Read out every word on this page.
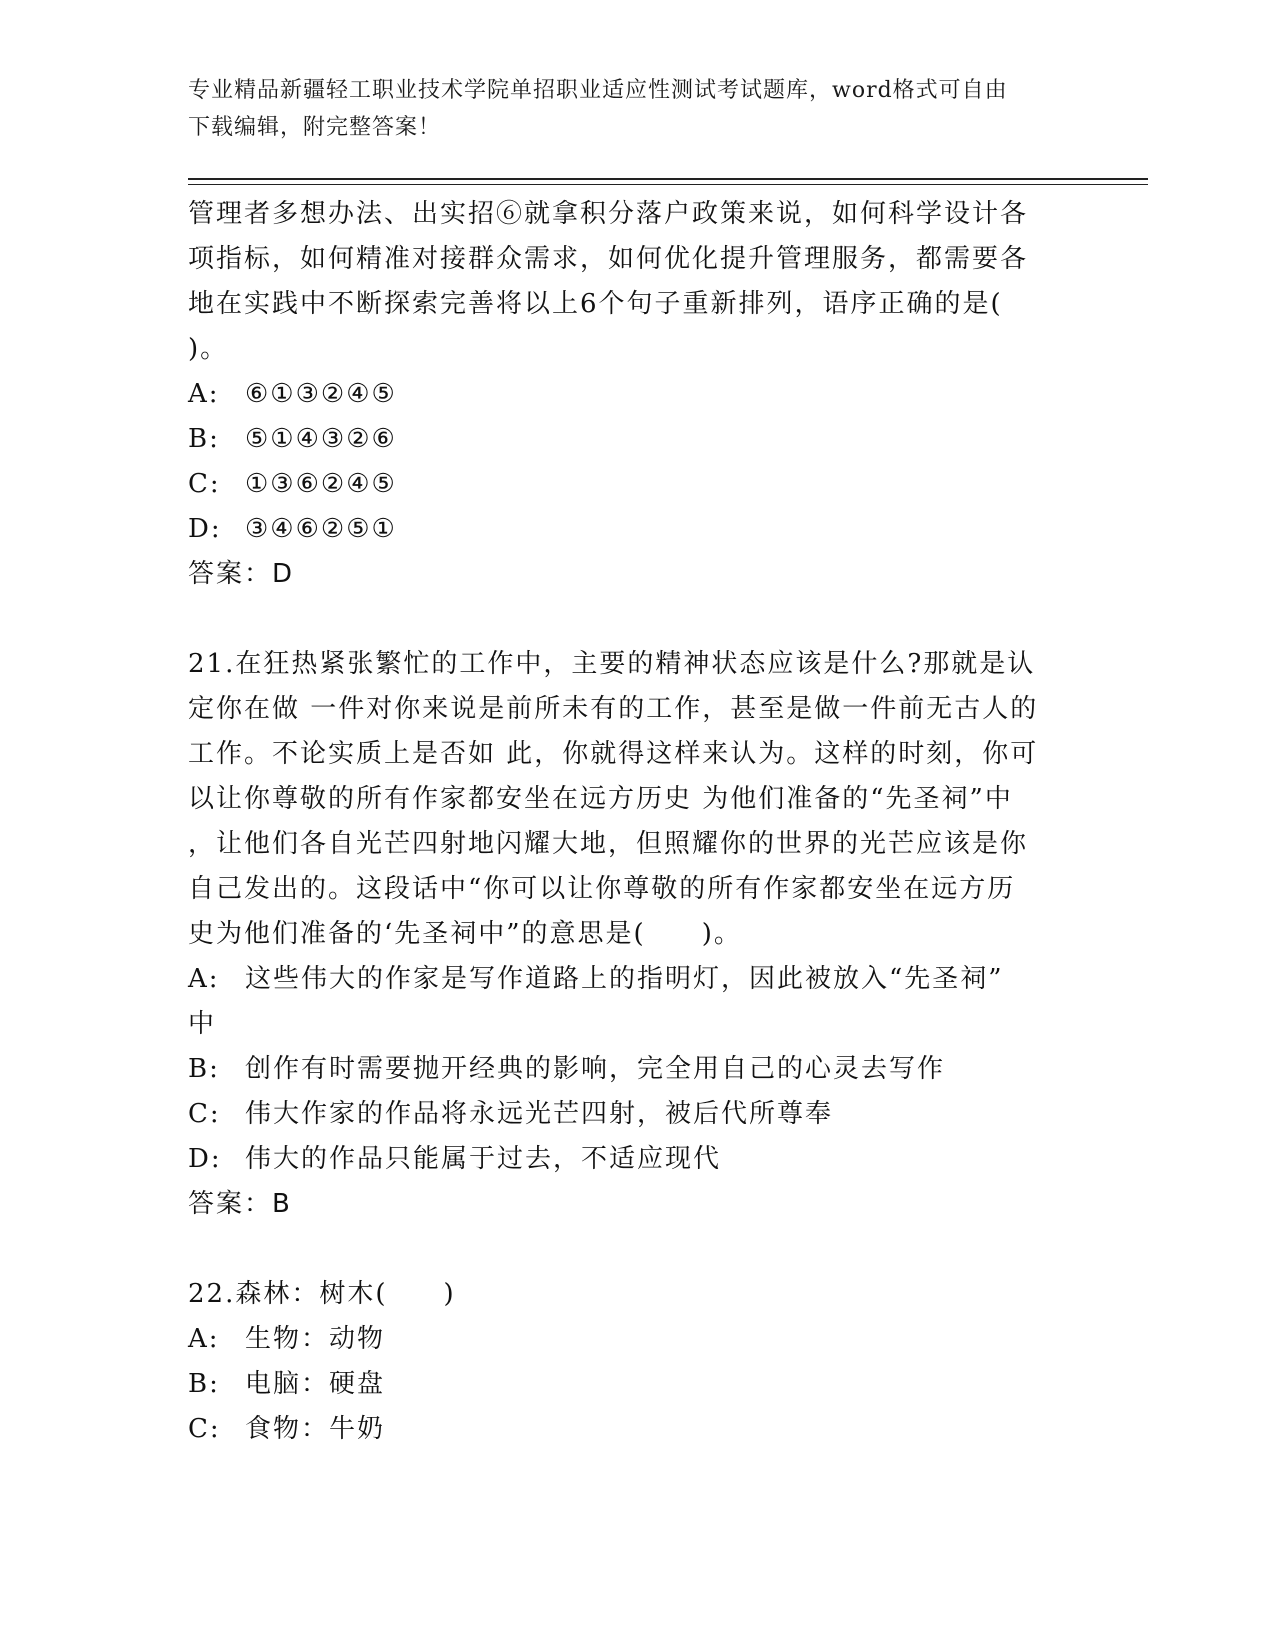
专业精品新疆轻工职业技术学院单招职业适应性测试考试题库，word格式可自由
下载编辑，附完整答案！
管理者多想办法、出实招⑥就拿积分落户政策来说，如何科学设计各
项指标，如何精准对接群众需求，如何优化提升管理服务，都需要各
地在实践中不断探索完善将以上6个句子重新排列，语序正确的是(
)。
A: ⑥①③②④⑤
B: ⑤①④③②⑥
C: ①③⑥②④⑤
D: ③④⑥②⑤①
答案：D
21.在狂热紧张繁忙的工作中，主要的精神状态应该是什么?那就是认
定你在做 一件对你来说是前所未有的工作，甚至是做一件前无古人的
工作。不论实质上是否如 此，你就得这样来认为。这样的时刻，你可
以让你尊敬的所有作家都安坐在远方历史 为他们准备的“先圣祠”中
，让他们各自光芒四射地闪耀大地，但照耀你的世界的光芒应该是你
自己发出的。这段话中“你可以让你尊敬的所有作家都安坐在远方历
史为他们准备的‘先圣祠中”的意思是(　　)。
A: 这些伟大的作家是写作道路上的指明灯，因此被放入“先圣祠”
中
B: 创作有时需要抛开经典的影响，完全用自己的心灵去写作
C: 伟大作家的作品将永远光芒四射，被后代所尊奉
D: 伟大的作品只能属于过去，不适应现代
答案：B
22.森林：树木(　　)
A: 生物：动物
B: 电脑：硬盘
C: 食物：牛奶
